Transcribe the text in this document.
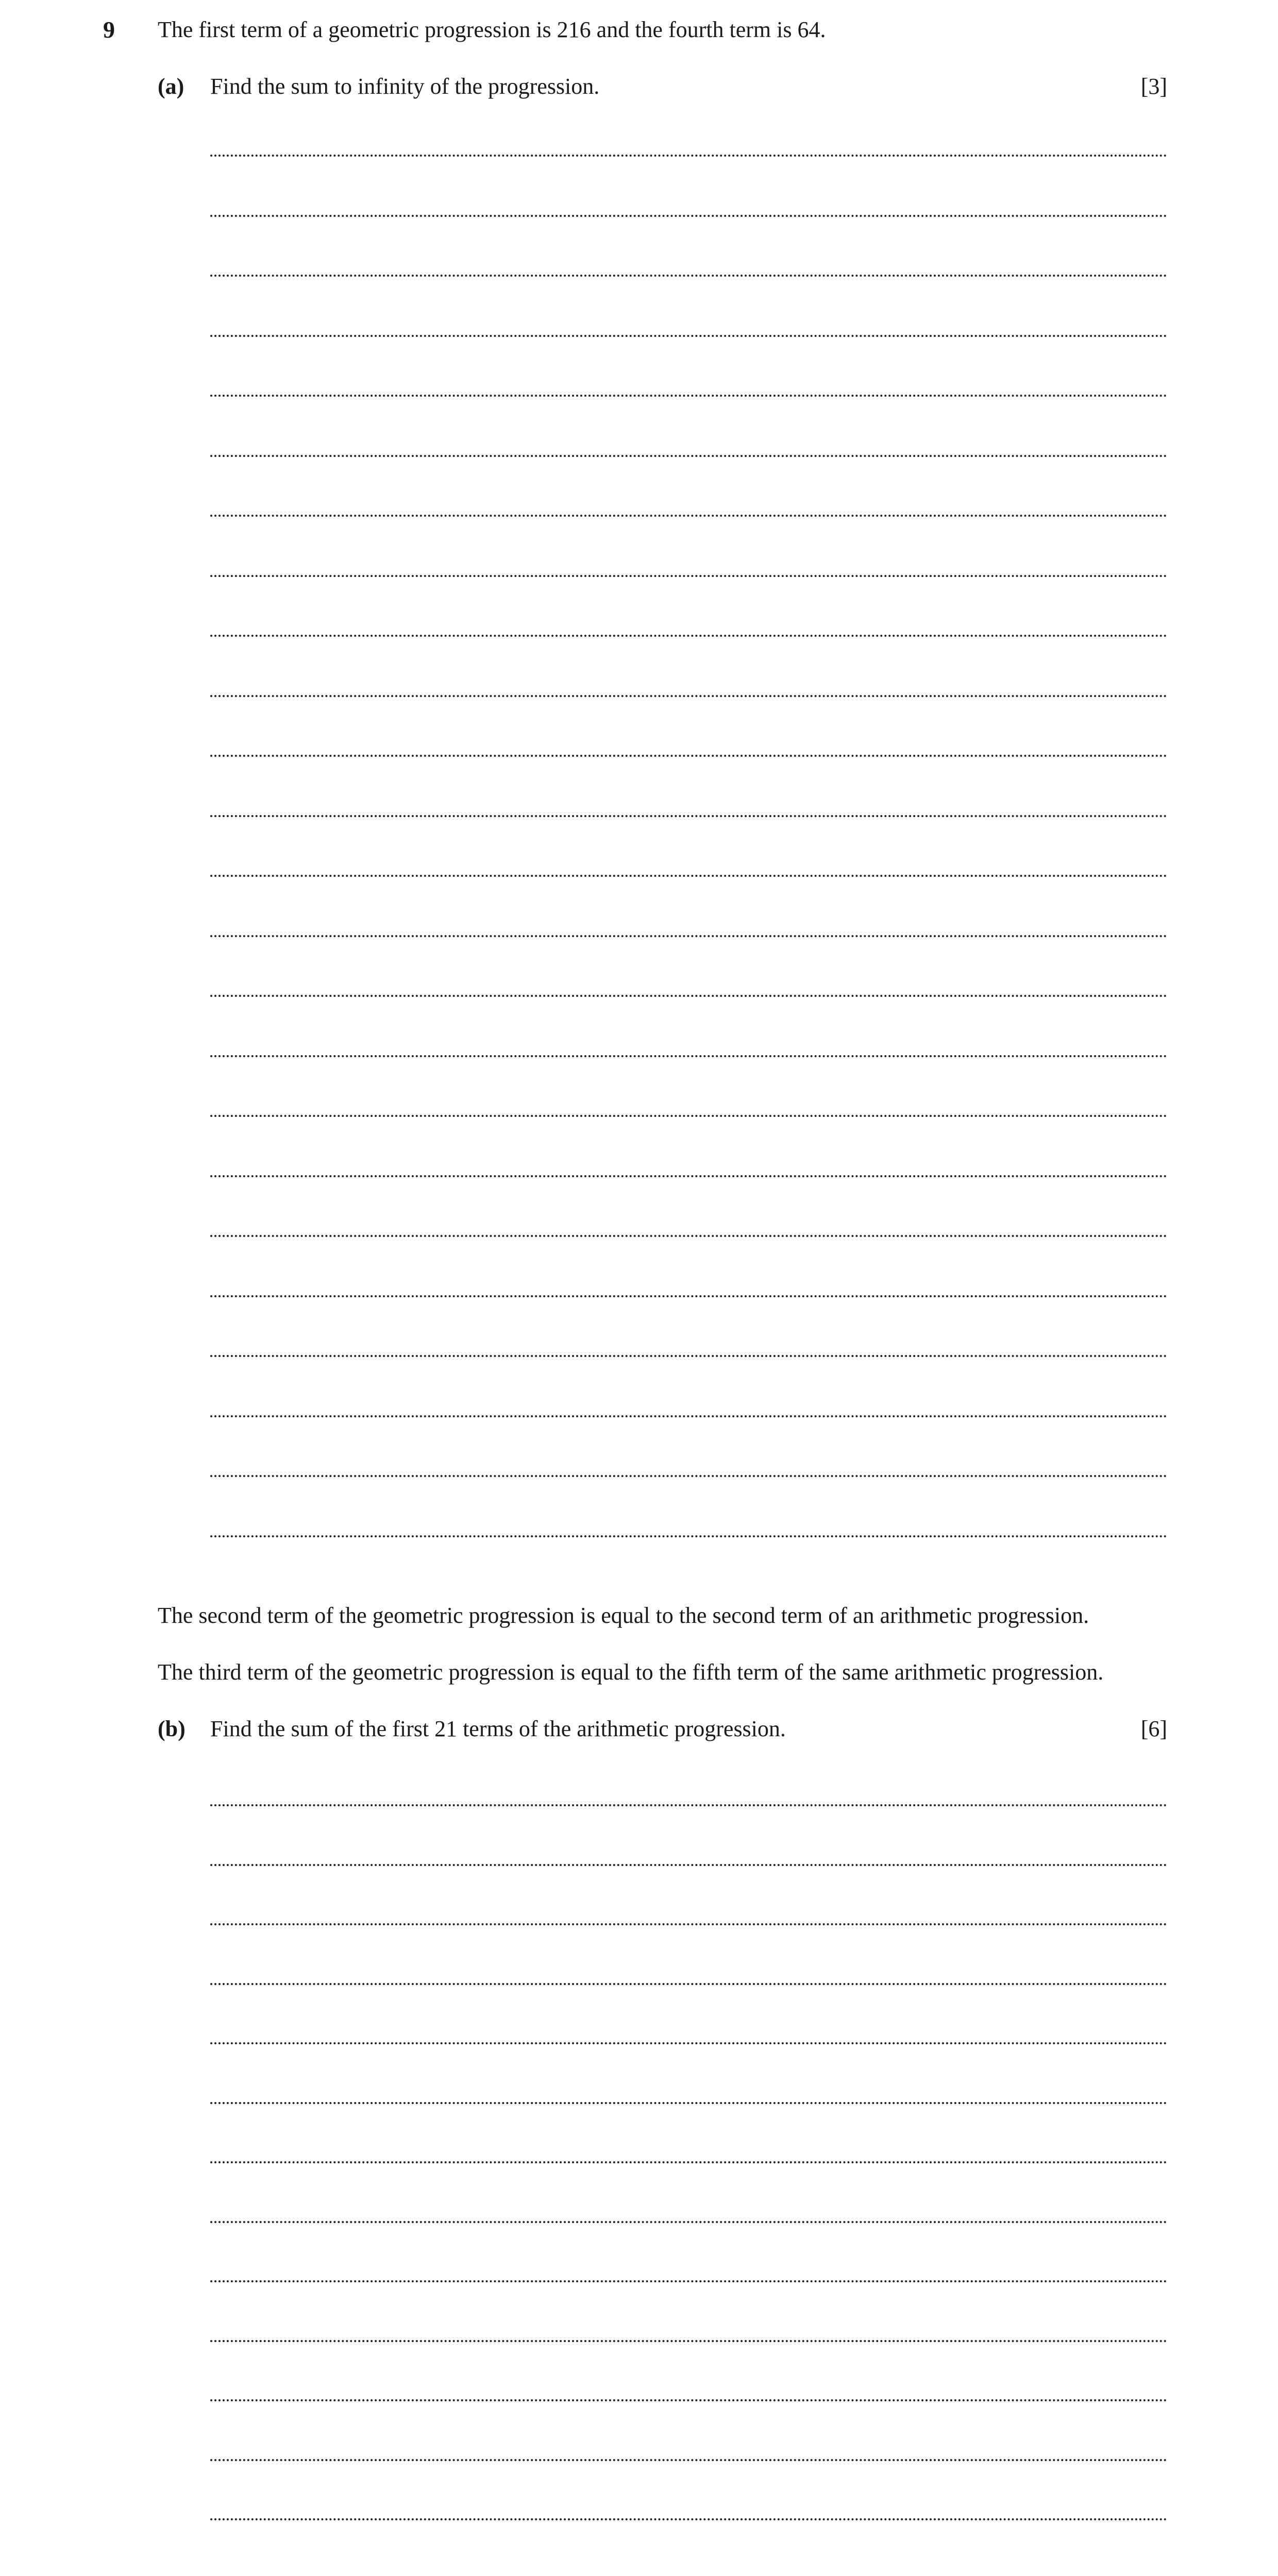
9 The first term of a geometric progression is 216 and the fourth term is 64.
(a) Find the sum to infinity of the progression.	[3]
The second term of the geometric progression is equal to the second term of an arithmetic progression.
The third term of the geometric progression is equal to the fifth term of the same arithmetic progression.
(b) Find the sum of the first 21 terms of the arithmetic progression.	[6]
